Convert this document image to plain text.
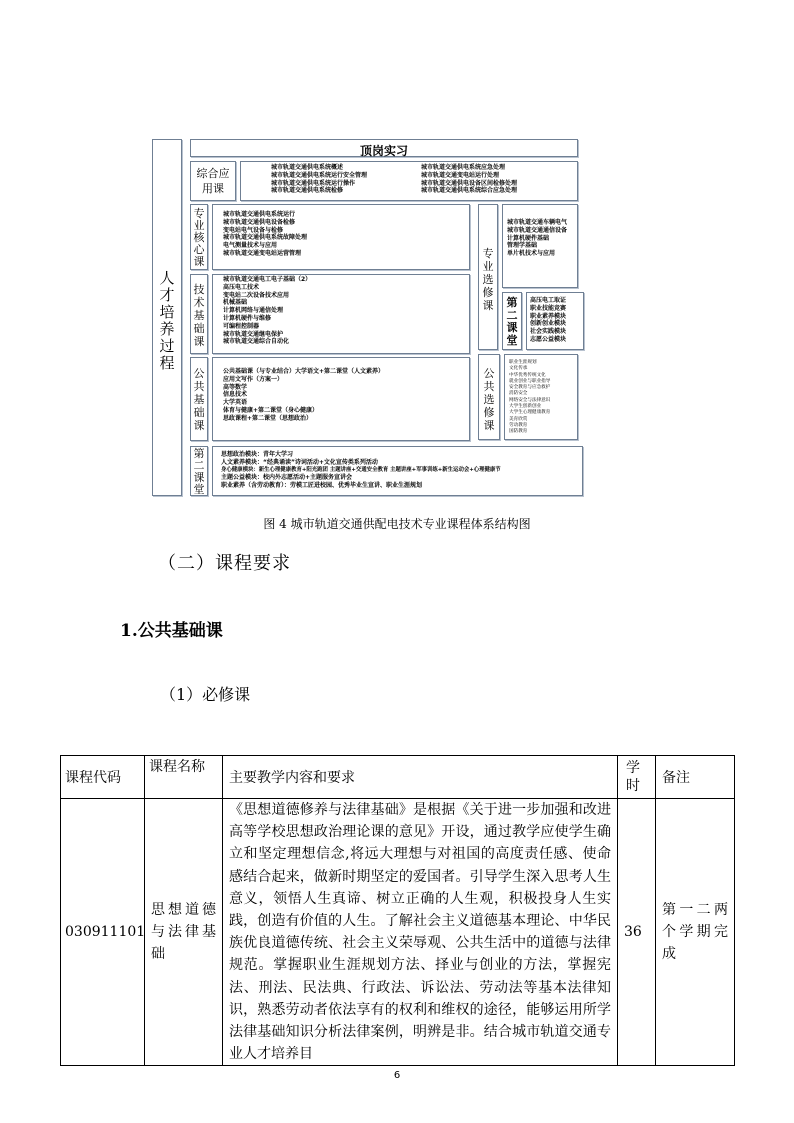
人才培养过程
顶岗实习
综合应用课
城市轨道交通供电系统概述
城市轨道交通供电系统运行安全管理
城市轨道交通供电系统运行操作
城市轨道交通供电系统检修
城市轨道交通供电系统应急处理
城市轨道交通变电站运行处理
城市轨道交通供电设备区间检修处理
城市轨道交通供电系统综合应急处理
专业核心课
城市轨道交通供电系统运行
城市轨道交通供电设备检修
变电站电气设备与检修
城市轨道交通供电系统故障处理
电气测量技术与应用
城市轨道交通变电站运营管理
技术基础课
城市轨道交通电工电子基础（2）
高压电工技术
变电站二次设备技术应用
机械基础
计算机网络与通信处理
计算机硬件与维修
可编程控制器
城市轨道交通继电保护
城市轨道交通综合自动化
公共基础课
公共基础课（与专业结合）大学语文+第二课堂（人文素养）
应用文写作（方案一）
高等数学
信息技术
大学英语
体育与健康+第二课堂（身心健康）
思政课程+第二课堂（思想政治）
第二课堂
思想政治模块：青年大学习
人文素养模块：“经典诵读”诗词活动+文化宣传类系列活动
身心健康模块：新生心理健康教育+阳光跑团 主题讲座+交通安全教育 主题讲座+军事训练+新生运动会+心理健康节
主题公益模块：校内外志愿活动+主题服务宣讲会
职业素养（含劳动教育）：劳模工匠进校园、优秀毕业生宣讲、职业生涯规划
专业选修课
城市轨道交通车辆电气
城市轨道交通通信设备
计算机硬件基础
管理学基础
单片机技术与应用
第二课堂
高压电工取证
职业技能竞赛
职业素养模块
创新创业模块
社会实践模块
志愿公益模块
公共选修课
职业生涯规划
文化传承
中华优秀传统文化
就业创业与职业指导
安全教育与应急救护
消防安全
网络安全与法律意识
大学生创新创业
大学生心理健康教育
美育欣赏
劳动教育
国防教育
图 4 城市轨道交通供配电技术专业课程体系结构图
（二）课程要求
1.公共基础课
（1）必修课
课程代码	课程名称	主要教学内容和要求	学时	备注
030911101	思想道德与法律基础	《思想道德修养与法律基础》是根据《关于进一步加强和改进高等学校思想政治理论课的意见》开设，通过教学应使学生确立和坚定理想信念,将远大理想与对祖国的高度责任感、使命感结合起来，做新时期坚定的爱国者。引导学生深入思考人生意义，领悟人生真谛、树立正确的人生观，积极投身人生实践，创造有价值的人生。了解社会主义道德基本理论、中华民族优良道德传统、社会主义荣辱观、公共生活中的道德与法律规范。掌握职业生涯规划方法、择业与创业的方法，掌握宪法、刑法、民法典、行政法、诉讼法、劳动法等基本法律知识，熟悉劳动者依法享有的权利和维权的途径，能够运用所学法律基础知识分析法律案例，明辨是非。结合城市轨道交通专业人才培养目	36	第一二两个学期完成
6
